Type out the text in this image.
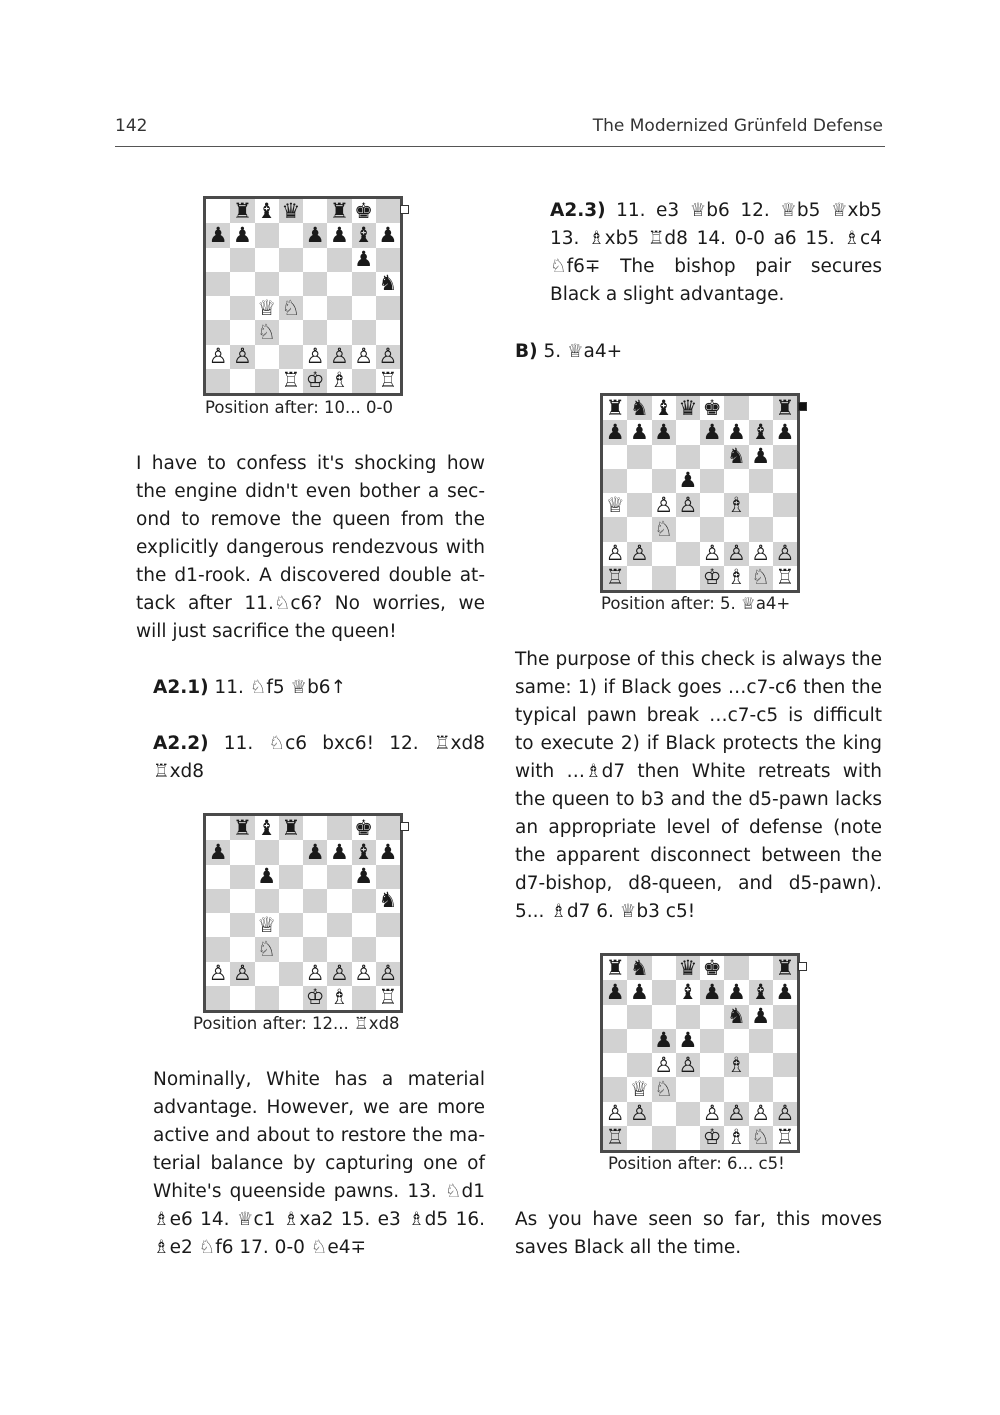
142	The Modernized Grünfeld Defense
♜ ♝ ♛ ♜ ♚
♟ ♟	♟ ♟ ♝ ♟
♟
♞
♕ ♘
♘
♙ ♙	♙ ♙ ♙ ♙
♖ ♔ ♗ ♖
Position after: 10... 0-0
I have to confess it's shocking how the engine didn't even bother a second to remove the queen from the explicitly dangerous rendezvous with the d1-rook. A discovered double attack after 11.♘c6? No worries, we will just sacrifice the queen!
A2.1) 11. ♘f5 ♕b6↑
A2.2) 11. ♘c6 bxc6! 12. ♖xd8 ♖xd8
♜ ♝ ♜	♚
♟	♟ ♟ ♝ ♟
♟	♟
♞
♕
♘
♙ ♙	♙ ♙ ♙ ♙
♔ ♗ ♖
Position after: 12... ♖xd8
Nominally, White has a material advantage. However, we are more active and about to restore the material balance by capturing one of White's queenside pawns. 13. ♘d1 ♗e6 14. ♕c1 ♗xa2 15. e3 ♗d5 16. ♗e2 ♘f6 17. 0-0 ♘e4∓
A2.3) 11. e3 ♕b6 12. ♕b5 ♕xb5 13. ♗xb5 ♖d8 14. 0-0 a6 15. ♗c4 ♘f6∓ The bishop pair secures Black a slight advantage.
B) 5. ♕a4+
♜ ♞ ♝ ♛ ♚	♜
♟ ♟ ♟ ♟ ♟ ♝ ♟
♞ ♟
♟
♕ ♙ ♙ ♗
♘
♙ ♙	♙ ♙ ♙ ♙
♖	♔ ♗ ♘ ♖
Position after: 5. ♕a4+
The purpose of this check is always the same: 1) if Black goes …c7-c6 then the typical pawn break …c7-c5 is difficult to execute 2) if Black protects the king with …♗d7 then White retreats with the queen to b3 and the d5-pawn lacks an appropriate level of defense (note the apparent disconnect between the d7-bishop, d8-queen, and d5-pawn). 5... ♗d7 6. ♕b3 c5!
♜ ♞ ♛ ♚	♜
♟ ♟ ♝ ♟ ♟ ♝ ♟
♞ ♟
♟ ♟
♙ ♙ ♗
♕ ♘
♙ ♙	♙ ♙ ♙ ♙
♖	♔ ♗ ♘ ♖
Position after: 6... c5!
As you have seen so far, this moves saves Black all the time.
